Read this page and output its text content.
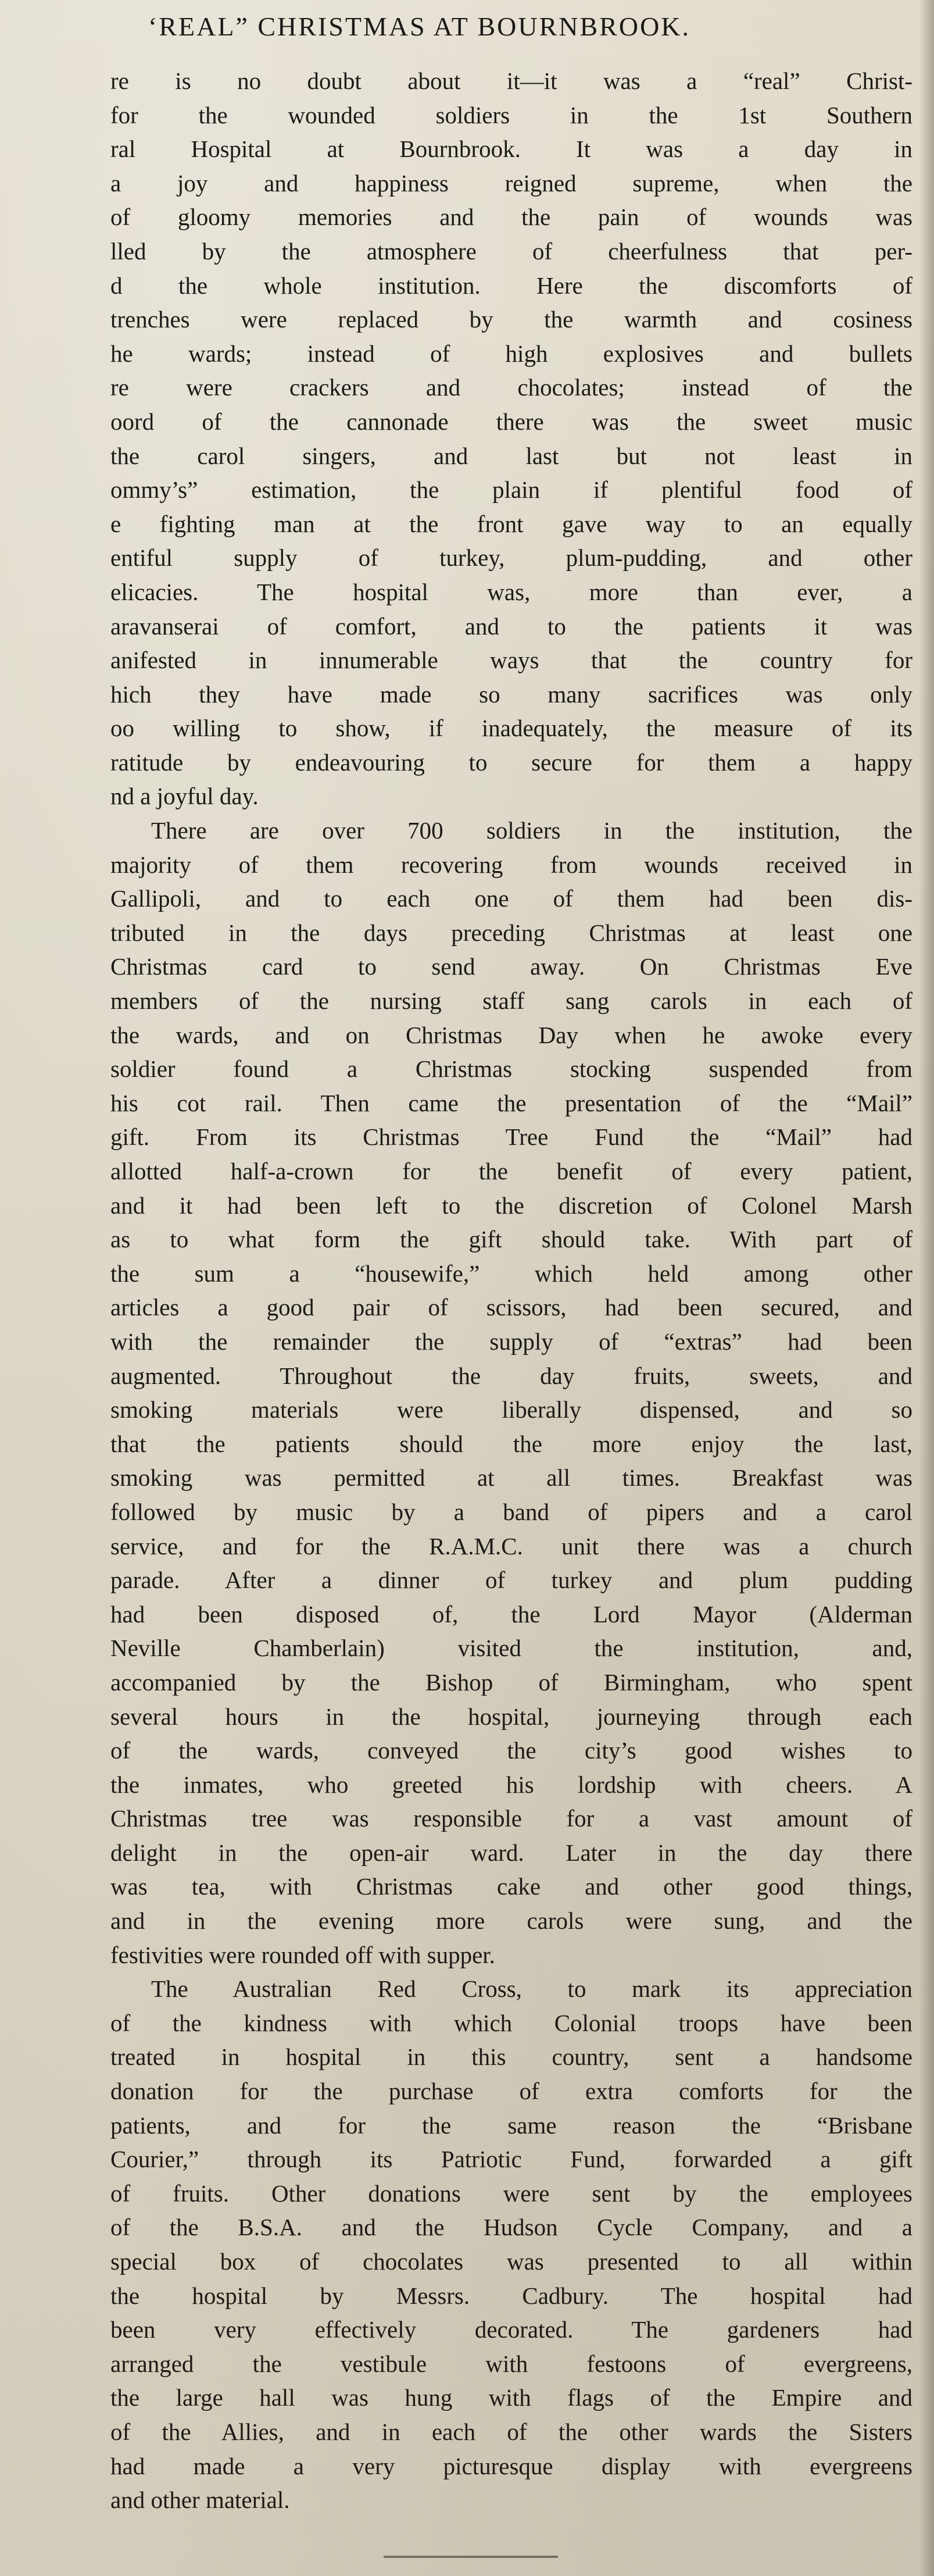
‘REAL” CHRISTMAS AT BOURNBROOK.
re is no doubt about it—it was a “real” Christ-
for the wounded soldiers in the 1st Southern
ral Hospital at Bournbrook. It was a day in
a joy and happiness reigned supreme, when the
of gloomy memories and the pain of wounds was
lled by the atmosphere of cheerfulness that per-
d the whole institution. Here the discomforts of
trenches were replaced by the warmth and cosiness
he wards; instead of high explosives and bullets
re were crackers and chocolates; instead of the
oord of the cannonade there was the sweet music
the carol singers, and last but not least in
ommy’s” estimation, the plain if plentiful food of
e fighting man at the front gave way to an equally
entiful supply of turkey, plum-pudding, and other
elicacies. The hospital was, more than ever, a
aravanserai of comfort, and to the patients it was
anifested in innumerable ways that the country for
hich they have made so many sacrifices was only
oo willing to show, if inadequately, the measure of its
ratitude by endeavouring to secure for them a happy
nd a joyful day.
There are over 700 soldiers in the institution, the
majority of them recovering from wounds received in
Gallipoli, and to each one of them had been dis-
tributed in the days preceding Christmas at least one
Christmas card to send away. On Christmas Eve
members of the nursing staff sang carols in each of
the wards, and on Christmas Day when he awoke every
soldier found a Christmas stocking suspended from
his cot rail. Then came the presentation of the “Mail”
gift. From its Christmas Tree Fund the “Mail” had
allotted half-a-crown for the benefit of every patient,
and it had been left to the discretion of Colonel Marsh
as to what form the gift should take. With part of
the sum a “housewife,” which held among other
articles a good pair of scissors, had been secured, and
with the remainder the supply of “extras” had been
augmented. Throughout the day fruits, sweets, and
smoking materials were liberally dispensed, and so
that the patients should the more enjoy the last,
smoking was permitted at all times. Breakfast was
followed by music by a band of pipers and a carol
service, and for the R.A.M.C. unit there was a church
parade. After a dinner of turkey and plum pudding
had been disposed of, the Lord Mayor (Alderman
Neville Chamberlain) visited the institution, and,
accompanied by the Bishop of Birmingham, who spent
several hours in the hospital, journeying through each
of the wards, conveyed the city’s good wishes to
the inmates, who greeted his lordship with cheers. A
Christmas tree was responsible for a vast amount of
delight in the open-air ward. Later in the day there
was tea, with Christmas cake and other good things,
and in the evening more carols were sung, and the
festivities were rounded off with supper.
The Australian Red Cross, to mark its appreciation
of the kindness with which Colonial troops have been
treated in hospital in this country, sent a handsome
donation for the purchase of extra comforts for the
patients, and for the same reason the “Brisbane
Courier,” through its Patriotic Fund, forwarded a gift
of fruits. Other donations were sent by the employees
of the B.S.A. and the Hudson Cycle Company, and a
special box of chocolates was presented to all within
the hospital by Messrs. Cadbury. The hospital had
been very effectively decorated. The gardeners had
arranged the vestibule with festoons of evergreens,
the large hall was hung with flags of the Empire and
of the Allies, and in each of the other wards the Sisters
had made a very picturesque display with evergreens
and other material.
